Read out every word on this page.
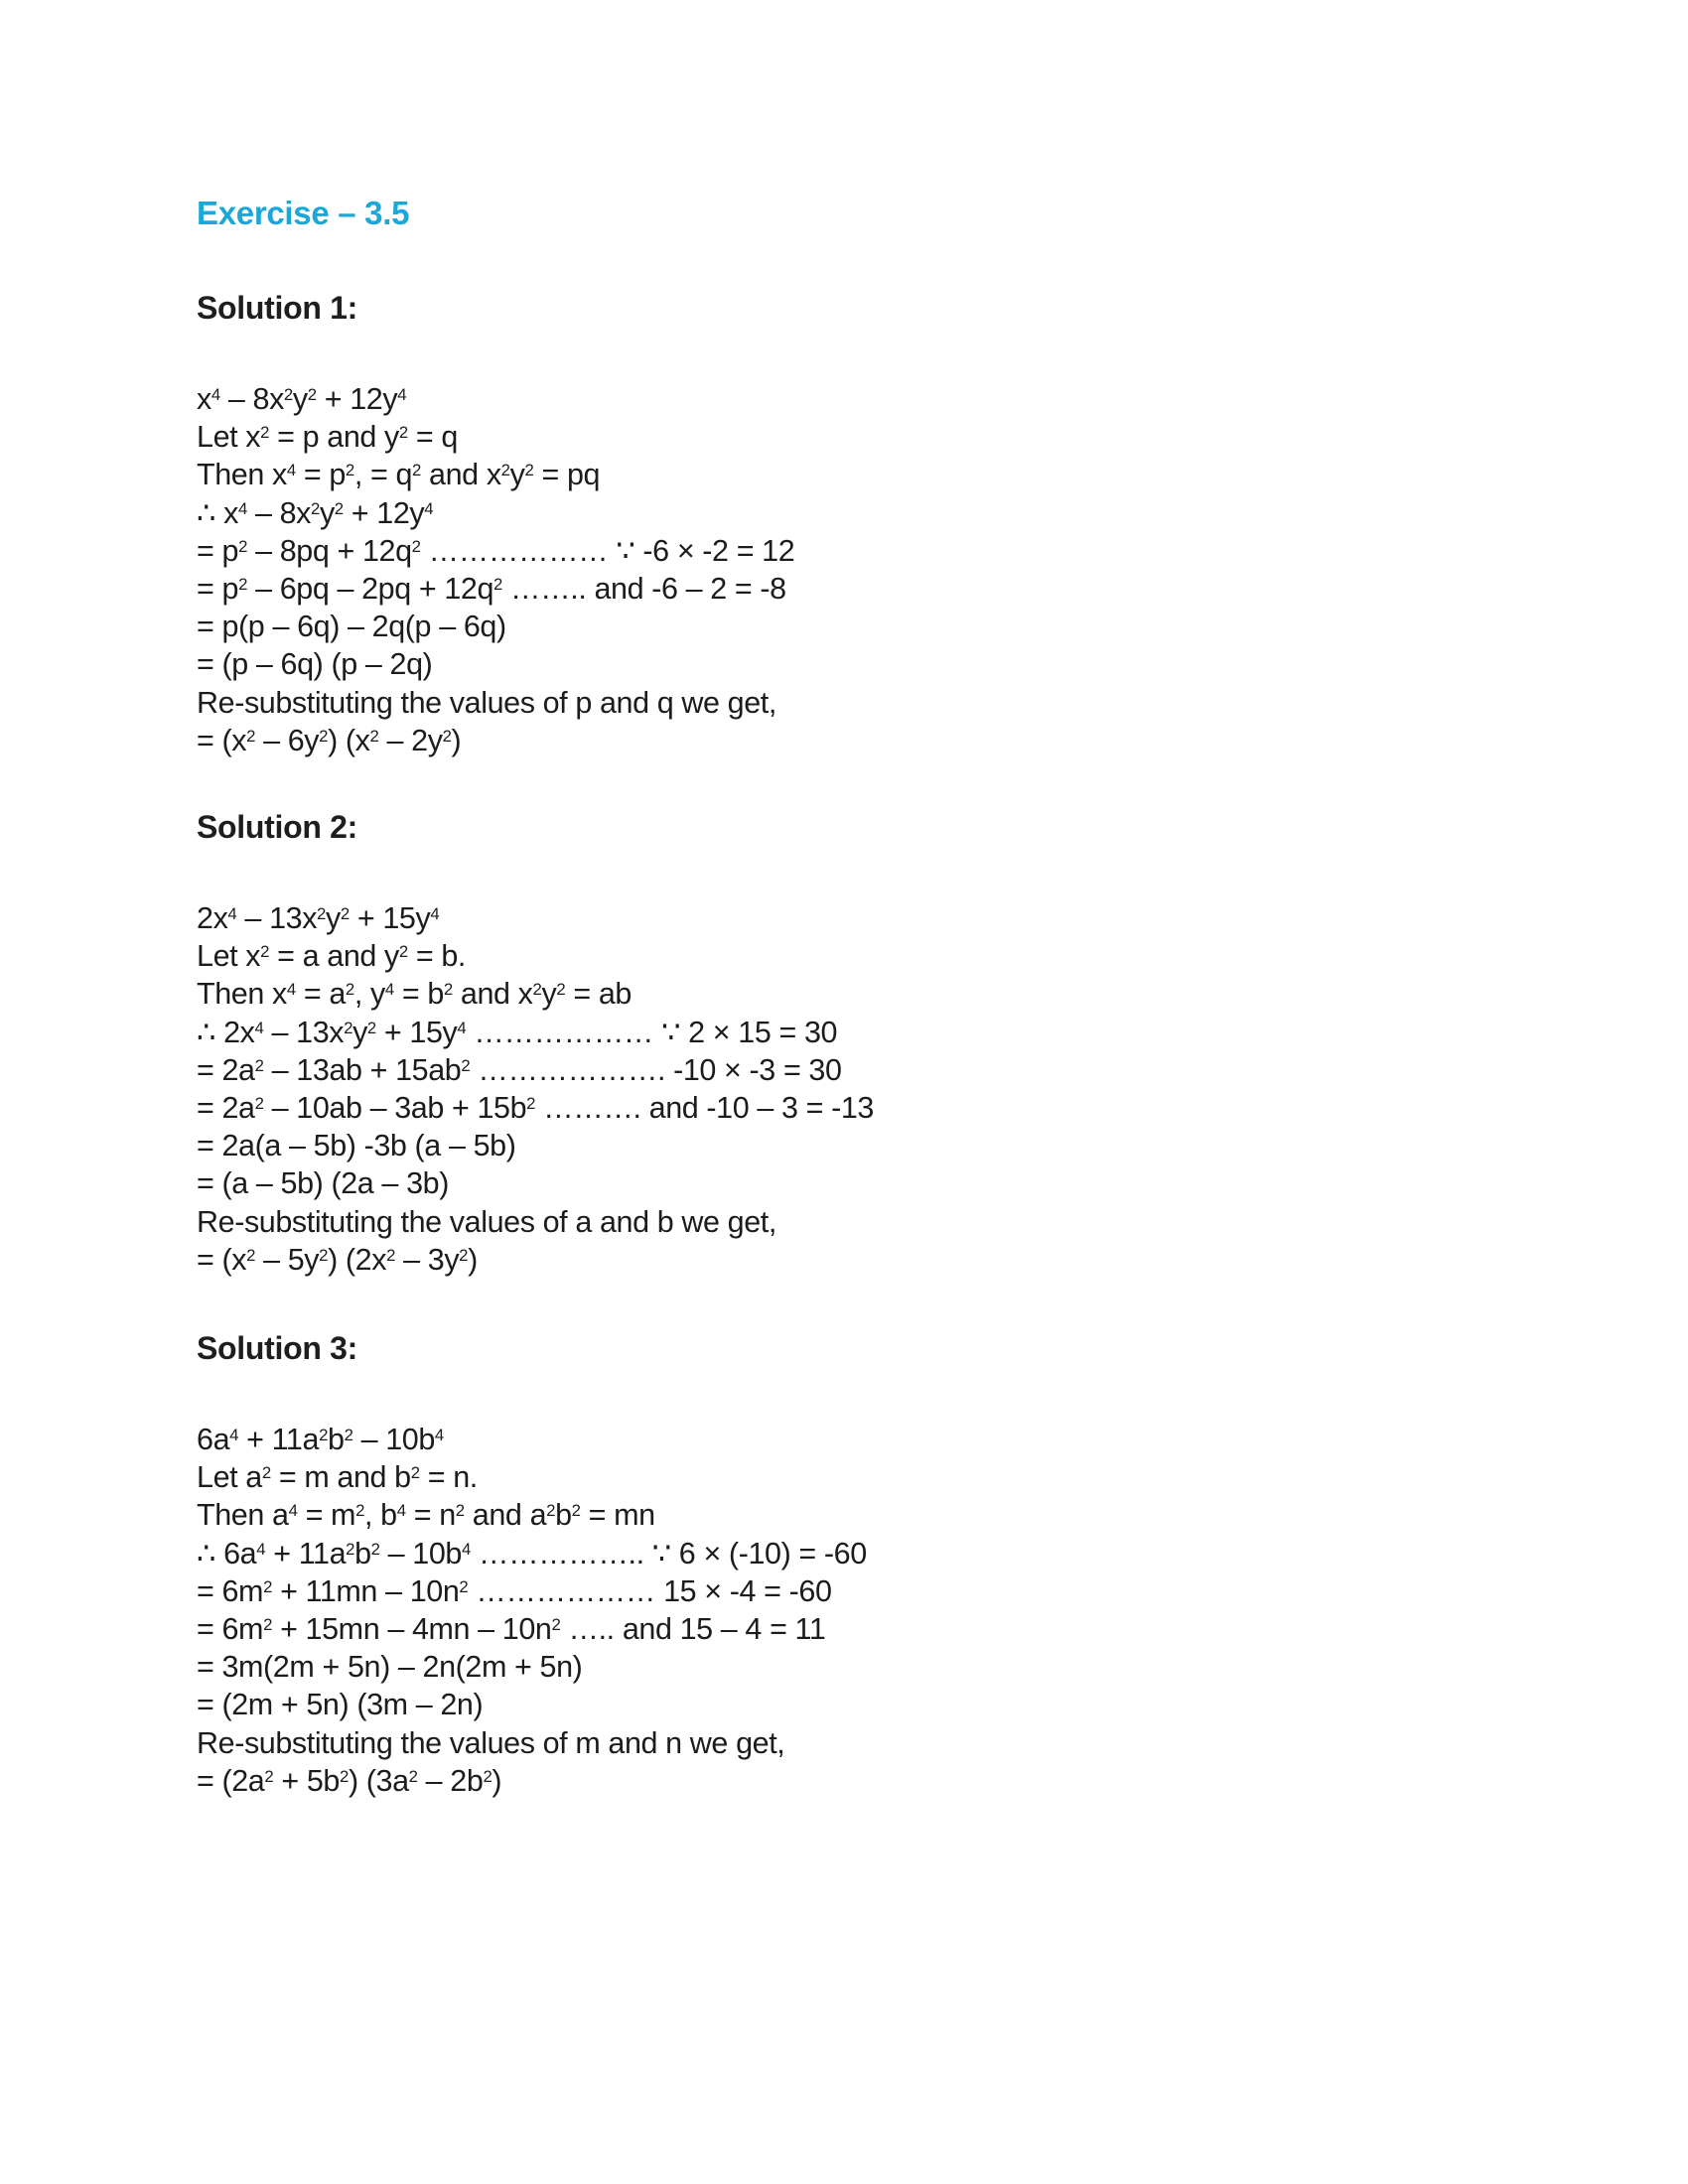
Exercise – 3.5
Solution 1:
$x^4 - 8x^2y^2 + 12y^4$
Let $x^2 = p$ and $y^2 = q$
Then $x^4 = p^2$, = $q^2$ and $x^2y^2$ = pq
∴ $x^4 - 8x^2y^2 + 12y^4$
= $p^2 - 8pq + 12q^2$ ……………… ∵ -6 × -2 = 12
= $p^2 - 6pq - 2pq + 12q^2$ …….. and -6 – 2 = -8
= p(p – 6q) – 2q(p – 6q)
= (p – 6q) (p – 2q)
Re-substituting the values of p and q we get,
= $(x^2 - 6y^2)$ $(x^2 - 2y^2)$
Solution 2:
$2x^4 - 13x^2y^2 + 15y^4$
Let $x^2 = a$ and $y^2 = b$.
Then $x^4 = a^2$, $y^4 = b^2$ and $x^2y^2$ = ab
∴ $2x^4 - 13x^2y^2 + 15y^4$ ……………… ∵ 2 × 15 = 30
= $2a^2 - 13ab + 15ab^2$ ………………. -10 × -3 = 30
= $2a^2 - 10ab - 3ab + 15b^2$ ………. and -10 – 3 = -13
= 2a(a – 5b) -3b (a – 5b)
= (a – 5b) (2a – 3b)
Re-substituting the values of a and b we get,
= $(x^2 - 5y^2)$ $(2x^2 - 3y^2)$
Solution 3:
$6a^4 + 11a^2b^2 - 10b^4$
Let $a^2 = m$ and $b^2 = n$.
Then $a^4 = m^2$, $b^4 = n^2$ and $a^2b^2$ = mn
∴ $6a^4 + 11a^2b^2 - 10b^4$ …………….. ∵ 6 × (-10) = -60
= $6m^2 + 11mn - 10n^2$ ……………… 15 × -4 = -60
= $6m^2 + 15mn - 4mn - 10n^2$ ….. and 15 – 4 = 11
= 3m(2m + 5n) – 2n(2m + 5n)
= (2m + 5n) (3m – 2n)
Re-substituting the values of m and n we get,
= $(2a^2 + 5b^2)$ $(3a^2 - 2b^2)$
